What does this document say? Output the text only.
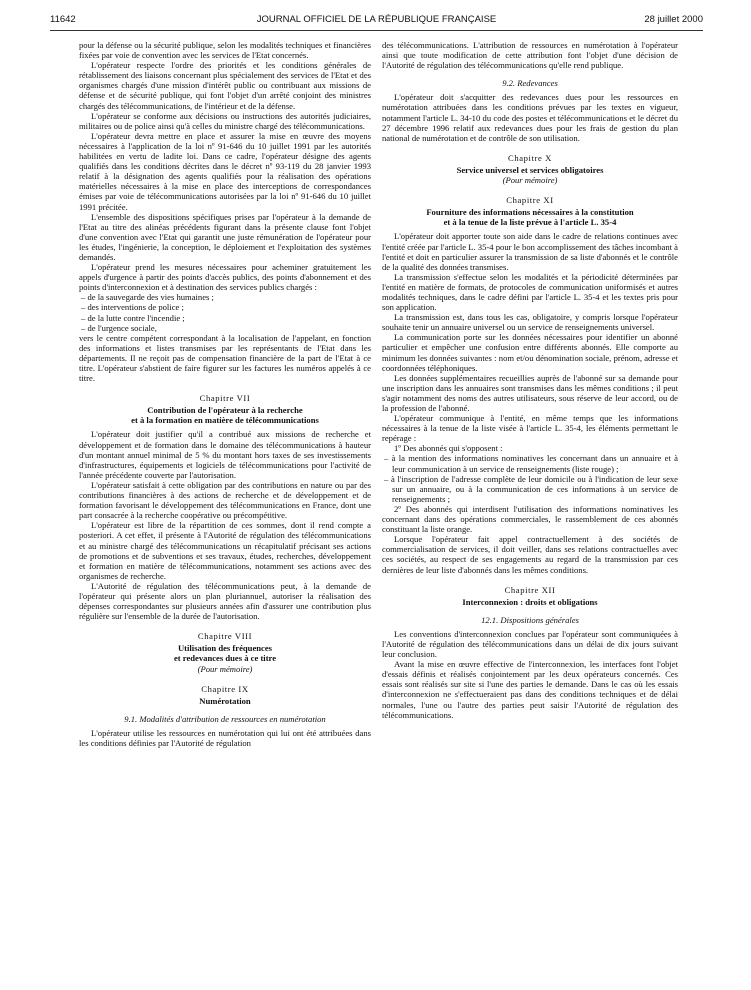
11642	JOURNAL OFFICIEL DE LA RÉPUBLIQUE FRANÇAISE	28 juillet 2000

pour la défense ou la sécurité publique, selon les modalités techniques et financières fixées par voie de convention avec les services de l'Etat concernés.

L'opérateur respecte l'ordre des priorités et les conditions générales de rétablissement des liaisons concernant plus spécialement des services de l'Etat et des organismes chargés d'une mission d'intérêt public ou contribuant aux missions de défense et de sécurité publique, qui font l'objet d'un arrêté conjoint des ministres chargés des télécommunications, de l'intérieur et de la défense.

L'opérateur se conforme aux décisions ou instructions des autorités judiciaires, militaires ou de police ainsi qu'à celles du ministre chargé des télécommunications.

L'opérateur devra mettre en place et assurer la mise en œuvre des moyens nécessaires à l'application de la loi nº 91-646 du 10 juillet 1991 par les autorités habilitées en vertu de ladite loi. Dans ce cadre, l'opérateur désigne des agents qualifiés dans les conditions décrites dans le décret nº 93-119 du 28 janvier 1993 relatif à la désignation des agents qualifiés pour la réalisation des opérations matérielles nécessaires à la mise en place des interceptions de correspondances émises par voie de télécommunications autorisées par la loi nº 91-646 du 10 juillet 1991 précitée.

L'ensemble des dispositions spécifiques prises par l'opérateur à la demande de l'Etat au titre des alinéas précédents figurant dans la présente clause font l'objet d'une convention avec l'Etat qui garantit une juste rémunération de l'opérateur pour les études, l'ingénierie, la conception, le déploiement et l'exploitation des systèmes demandés.

L'opérateur prend les mesures nécessaires pour acheminer gratuitement les appels d'urgence à partir des points d'accès publics, des points d'abonnement et des points d'interconnexion et à destination des services publics chargés :

– de la sauvegarde des vies humaines ;
– des interventions de police ;
– de la lutte contre l'incendie ;
– de l'urgence sociale,

vers le centre compétent correspondant à la localisation de l'appelant, en fonction des informations et listes transmises par les représentants de l'Etat dans les départements. Il ne reçoit pas de compensation financière de la part de l'Etat à ce titre. L'opérateur s'abstient de faire figurer sur les factures les numéros appelés à ce titre.

Chapitre VII
Contribution de l'opérateur à la recherche
et à la formation en matière de télécommunications

L'opérateur doit justifier qu'il a contribué aux missions de recherche et développement et de formation dans le domaine des télécommunications à hauteur d'un montant annuel minimal de 5 % du montant hors taxes de ses investissements d'infrastructures, équipements et logiciels de télécommunications pour l'activité de l'année précédente couverte par l'autorisation.

L'opérateur satisfait à cette obligation par des contributions en nature ou par des contributions financières à des actions de recherche et de développement et de formation favorisant le développement des télécommunications en France, dont une part consacrée à la recherche coopérative ou précompétitive.

L'opérateur est libre de la répartition de ces sommes, dont il rend compte a posteriori. A cet effet, il présente à l'Autorité de régulation des télécommunications et au ministre chargé des télécommunications un récapitulatif précisant ses actions de promotions et de subventions et ses travaux, études, recherches, développement et formation en matière de télécommunications, notamment ses actions avec des organismes de recherche.

L'Autorité de régulation des télécommunications peut, à la demande de l'opérateur qui présente alors un plan pluriannuel, autoriser la réalisation des dépenses correspondantes sur plusieurs années afin d'assurer une contribution plus régulière sur l'ensemble de la durée de l'autorisation.

Chapitre VIII
Utilisation des fréquences
et redevances dues à ce titre
(Pour mémoire)
Chapitre IX
Numérotation
9.1. Modalités d'attribution de ressources en numérotation

L'opérateur utilise les ressources en numérotation qui lui ont été attribuées dans les conditions définies par l'Autorité de régulation

des télécommunications. L'attribution de ressources en numérotation à l'opérateur ainsi que toute modification de cette attribution font l'objet d'une décision de l'Autorité de régulation des télécommunications qu'elle rend publique.

9.2. Redevances

L'opérateur doit s'acquitter des redevances dues pour les ressources en numérotation attribuées dans les conditions prévues par les textes en vigueur, notamment l'article L. 34-10 du code des postes et télécommunications et le décret du 27 décembre 1996 relatif aux redevances dues pour les frais de gestion du plan national de numérotation et de contrôle de son utilisation.

Chapitre X
Service universel et services obligatoires
(Pour mémoire)
Chapitre XI
Fourniture des informations nécessaires à la constitution
et à la tenue de la liste prévue à l'article L. 35-4

L'opérateur doit apporter toute son aide dans le cadre de relations continues avec l'entité créée par l'article L. 35-4 pour le bon accomplissement des tâches incombant à l'entité et doit en particulier assurer la transmission de sa liste d'abonnés et le contrôle de la qualité des données transmises.

La transmission s'effectue selon les modalités et la périodicité déterminées par l'entité en matière de formats, de protocoles de communication uniformisés et autres modalités techniques, dans le cadre défini par l'article L. 35-4 et les textes pris pour son application.

La transmission est, dans tous les cas, obligatoire, y compris lorsque l'opérateur souhaite tenir un annuaire universel ou un service de renseignements universel.

La communication porte sur les données nécessaires pour identifier un abonné particulier et empêcher une confusion entre différents abonnés. Elle comporte au minimum les données suivantes : nom et/ou dénomination sociale, prénom, adresse et coordonnées téléphoniques.

Les données supplémentaires recueillies auprès de l'abonné sur sa demande pour une inscription dans les annuaires sont transmises dans les mêmes conditions ; il peut s'agir notamment des noms des autres utilisateurs, sous réserve de leur accord, ou de la profession de l'abonné.

L'opérateur communique à l'entité, en même temps que les informations nécessaires à la tenue de la liste visée à l'article L. 35-4, les éléments permettant le repérage :

1º Des abonnés qui s'opposent :

– à la mention des informations nominatives les concernant dans un annuaire et à leur communication à un service de renseignements (liste rouge) ;
– à l'inscription de l'adresse complète de leur domicile ou à l'indication de leur sexe sur un annuaire, ou à la communication de ces informations à un service de renseignements ;

2º Des abonnés qui interdisent l'utilisation des informations nominatives les concernant dans des opérations commerciales, le rassemblement de ces abonnés constituant la liste orange.

Lorsque l'opérateur fait appel contractuellement à des sociétés de commercialisation de services, il doit veiller, dans ses relations contractuelles avec ces sociétés, au respect de ses engagements au regard de la transmission par ces dernières de leur liste d'abonnés dans les mêmes conditions.

Chapitre XII
Interconnexion : droits et obligations
12.1. Dispositions générales

Les conventions d'interconnexion conclues par l'opérateur sont communiquées à l'Autorité de régulation des télécommunications dans un délai de dix jours suivant leur conclusion.

Avant la mise en œuvre effective de l'interconnexion, les interfaces font l'objet d'essais définis et réalisés conjointement par les deux opérateurs concernés. Ces essais sont réalisés sur site si l'une des parties le demande. Dans le cas où les essais d'interconnexion ne s'effectueraient pas dans des conditions techniques et de délai normales, l'une ou l'autre des parties peut saisir l'Autorité de régulation des télécommunications.
